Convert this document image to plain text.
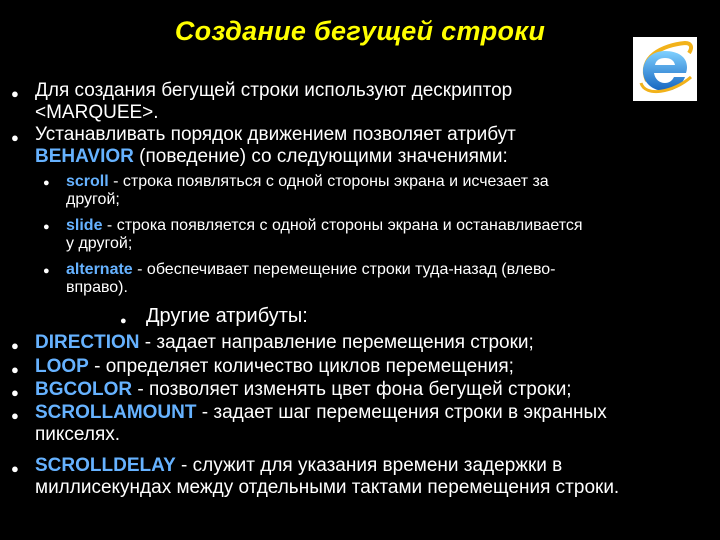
Создание бегущей строки
● Для создания бегущей строки используют дескриптор
<MARQUEE>.
● Устанавливать порядок движением позволяет атрибут
BEHAVIOR (поведение) со следующими значениями:
● scroll - строка появляться с одной стороны экрана и исчезает за
другой;
● slide - строка появляется с одной стороны экрана и останавливается
у другой;
● alternate - обеспечивает перемещение строки туда-назад (влево-
вправо).
● Другие атрибуты:
● DIRECTION - задает направление перемещения строки;
● LOOP - определяет количество циклов перемещения;
● BGCOLOR - позволяет изменять цвет фона бегущей строки;
● SCROLLAMOUNT - задает шаг перемещения строки в экранных
пикселях.
● SCROLLDELAY - служит для указания времени задержки в
миллисекундах между отдельными тактами перемещения строки.
